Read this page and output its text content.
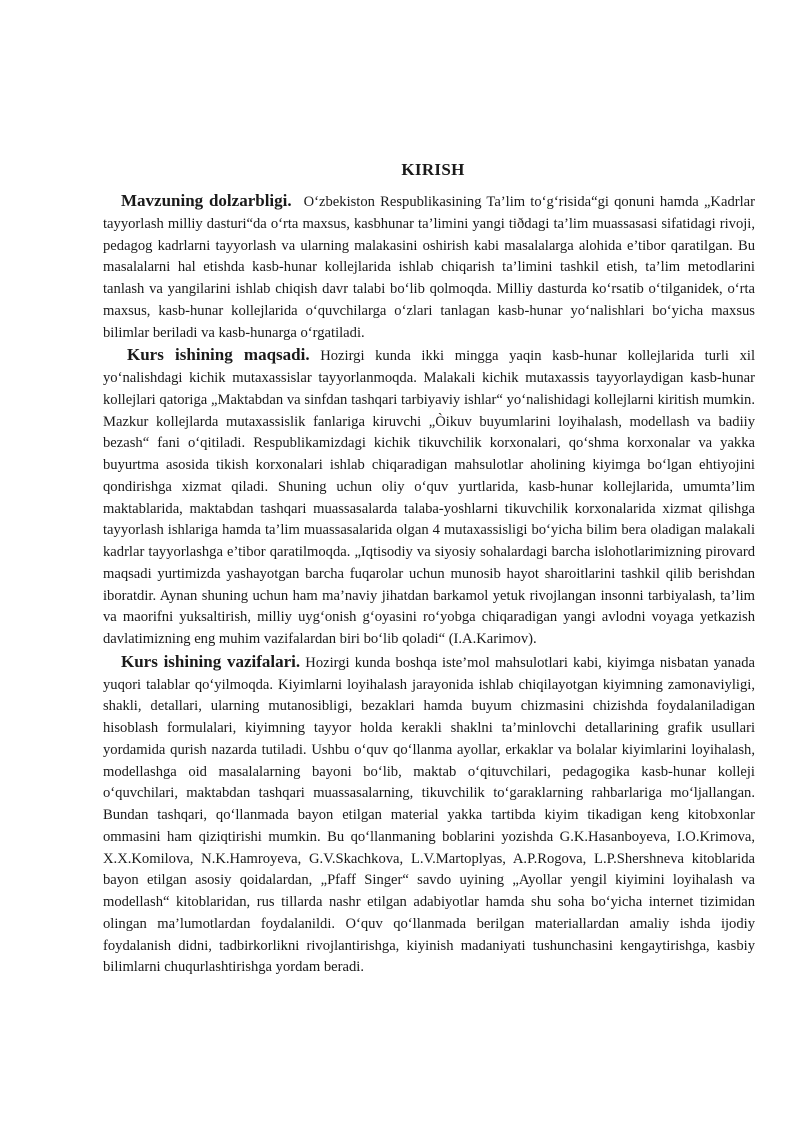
KIRISH

Mavzuning dolzarbligi. O‘zbekiston Respublikasining Ta’lim to‘g‘risida“gi qonuni hamda „Kadrlar tayyorlash milliy dasturi“da o‘rta maxsus, kasbhunar ta’limini yangi tiðdagi ta’lim muassasasi sifatidagi rivoji, pedagog kadrlarni tayyorlash va ularning malakasini oshirish kabi masalalarga alohida e’tibor qaratilgan. Bu masalalarni hal etishda kasb-hunar kollejlarida ishlab chiqarish ta’limini tashkil etish, ta’lim metodlarini tanlash va yangilarini ishlab chiqish davr talabi bo‘lib qolmoqda. Milliy dasturda ko‘rsatib o‘tilganidek, o‘rta maxsus, kasb-hunar kollejlarida o‘quvchilarga o‘zlari tanlagan kasb-hunar yo‘nalishlari bo‘yicha maxsus bilimlar beriladi va kasb-hunarga o‘rgatiladi.

Kurs ishining maqsadi. Hozirgi kunda ikki mingga yaqin kasb-hunar kollejlarida turli xil yo‘nalishdagi kichik mutaxassislar tayyorlanmoqda. Malakali kichik mutaxassis tayyorlaydigan kasb-hunar kollejlari qatoriga „Maktabdan va sinfdan tashqari tarbiyaviy ishlar“ yo‘nalishidagi kollejlarni kiritish mumkin. Mazkur kollejlarda mutaxassislik fanlariga kiruvchi „Òikuv buyumlarini loyihalash, modellash va badiiy bezash“ fani o‘qitiladi. Respublikamizdagi kichik tikuvchilik korxonalari, qo‘shma korxonalar va yakka buyurtma asosida tikish korxonalari ishlab chiqaradigan mahsulotlar aholining kiyimga bo‘lgan ehtiyojini qondirishga xizmat qiladi. Shuning uchun oliy o‘quv yurtlarida, kasb-hunar kollejlarida, umumta’lim maktablarida, maktabdan tashqari muassasalarda talaba-yoshlarni tikuvchilik korxonalarida xizmat qilishga tayyorlash ishlariga hamda ta’lim muassasalarida olgan 4 mutaxassisligi bo‘yicha bilim bera oladigan malakali kadrlar tayyorlashga e’tibor qaratilmoqda. „Iqtisodiy va siyosiy sohalardagi barcha islohotlarimizning pirovard maqsadi yurtimizda yashayotgan barcha fuqarolar uchun munosib hayot sharoitlarini tashkil qilib berishdan iboratdir. Aynan shuning uchun ham ma’naviy jihatdan barkamol yetuk rivojlangan insonni tarbiyalash, ta’lim va maorifni yuksaltirish, milliy uyg‘onish g‘oyasini ro‘yobga chiqaradigan yangi avlodni voyaga yetkazish davlatimizning eng muhim vazifalardan biri bo‘lib qoladi“ (I.A.Karimov).

Kurs ishining vazifalari. Hozirgi kunda boshqa iste’mol mahsulotlari kabi, kiyimga nisbatan yanada yuqori talablar qo‘yilmoqda. Kiyimlarni loyihalash jarayonida ishlab chiqilayotgan kiyimning zamonaviyligi, shakli, detallari, ularning mutanosibligi, bezaklari hamda buyum chizmasini chizishda foydalaniladigan hisoblash formulalari, kiyimning tayyor holda kerakli shaklni ta’minlovchi detallarining grafik usullari yordamida qurish nazarda tutiladi. Ushbu o‘quv qo‘llanma ayollar, erkaklar va bolalar kiyimlarini loyihalash, modellashga oid masalalarning bayoni bo‘lib, maktab o‘qituvchilari, pedagogika kasb-hunar kolleji o‘quvchilari, maktabdan tashqari muassasalarning, tikuvchilik to‘garaklarning rahbarlariga mo‘ljallangan. Bundan tashqari, qo‘llanmada bayon etilgan material yakka tartibda kiyim tikadigan keng kitobxonlar ommasini ham qiziqtirishi mumkin. Bu qo‘llanmaning boblarini yozishda G.K.Hasanboyeva, I.O.Krimova, X.X.Komilova, N.K.Hamroyeva, G.V.Skachkova, L.V.Martoplyas, A.P.Rogova, L.P.Shershneva kitoblarida bayon etilgan asosiy qoidalardan, „Pfaff Singer“ savdo uyining „Ayollar yengil kiyimini loyihalash va modellash“ kitoblaridan, rus tillarda nashr etilgan adabiyotlar hamda shu soha bo‘yicha internet tizimidan olingan ma’lumotlardan foydalanildi. O‘quv qo‘llanmada berilgan materiallardan amaliy ishda ijodiy foydalanish didni, tadbirkorlikni rivojlantirishga, kiyinish madaniyati tushunchasini kengaytirishga, kasbiy bilimlarni chuqurlashtirishga yordam beradi.
